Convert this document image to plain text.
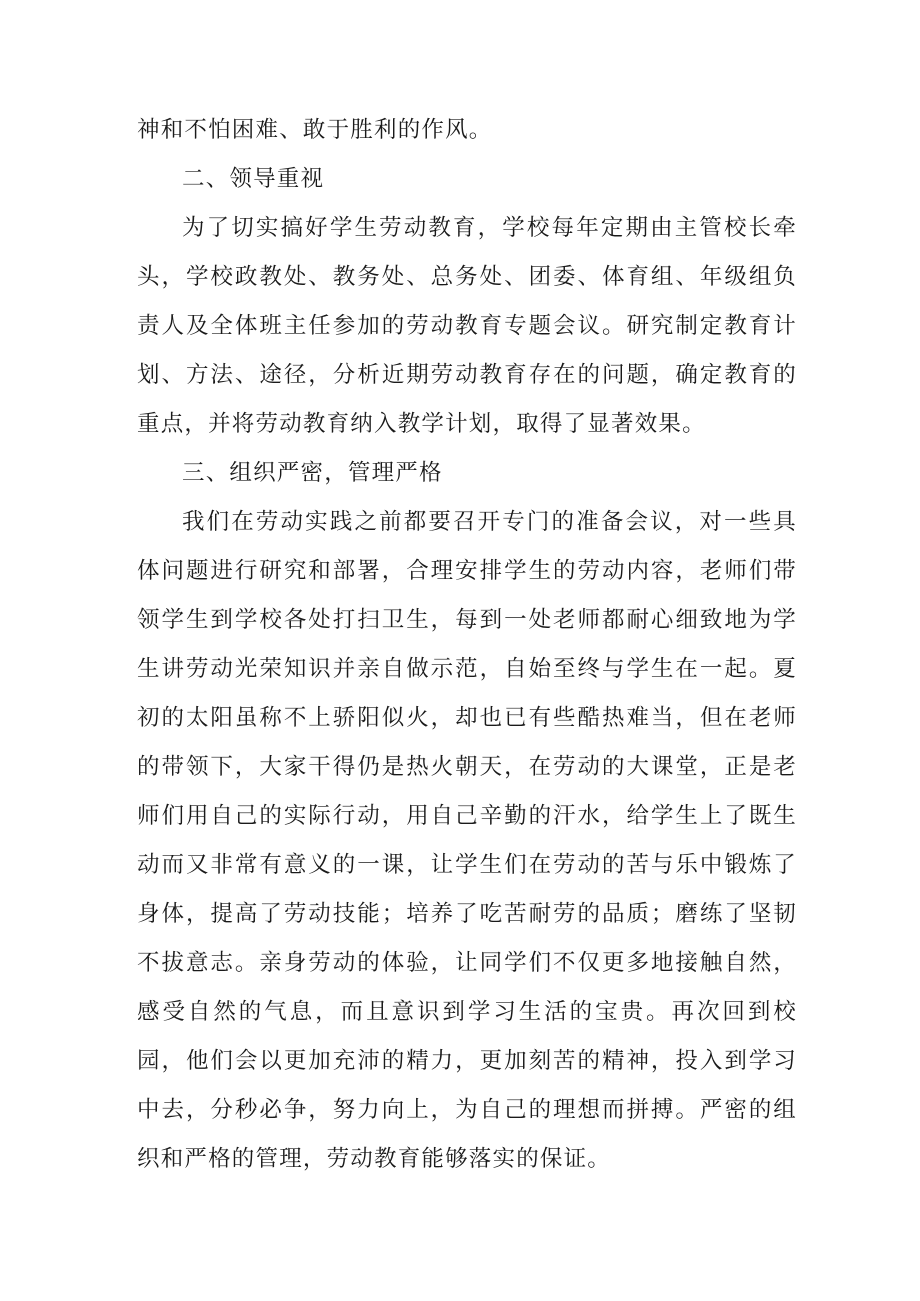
神和不怕困难、敢于胜利的作风。

二、领导重视

为了切实搞好学生劳动教育，学校每年定期由主管校长牵头，学校政教处、教务处、总务处、团委、体育组、年级组负责人及全体班主任参加的劳动教育专题会议。研究制定教育计划、方法、途径，分析近期劳动教育存在的问题，确定教育的重点，并将劳动教育纳入教学计划，取得了显著效果。

三、组织严密，管理严格

我们在劳动实践之前都要召开专门的准备会议，对一些具体问题进行研究和部署，合理安排学生的劳动内容，老师们带领学生到学校各处打扫卫生，每到一处老师都耐心细致地为学生讲劳动光荣知识并亲自做示范，自始至终与学生在一起。夏初的太阳虽称不上骄阳似火，却也已有些酷热难当，但在老师的带领下，大家干得仍是热火朝天，在劳动的大课堂，正是老师们用自己的实际行动，用自己辛勤的汗水，给学生上了既生动而又非常有意义的一课，让学生们在劳动的苦与乐中锻炼了身体，提高了劳动技能；培养了吃苦耐劳的品质；磨练了坚韧不拔意志。亲身劳动的体验，让同学们不仅更多地接触自然，感受自然的气息，而且意识到学习生活的宝贵。再次回到校园，他们会以更加充沛的精力，更加刻苦的精神，投入到学习中去，分秒必争，努力向上，为自己的理想而拼搏。严密的组织和严格的管理，劳动教育能够落实的保证。
